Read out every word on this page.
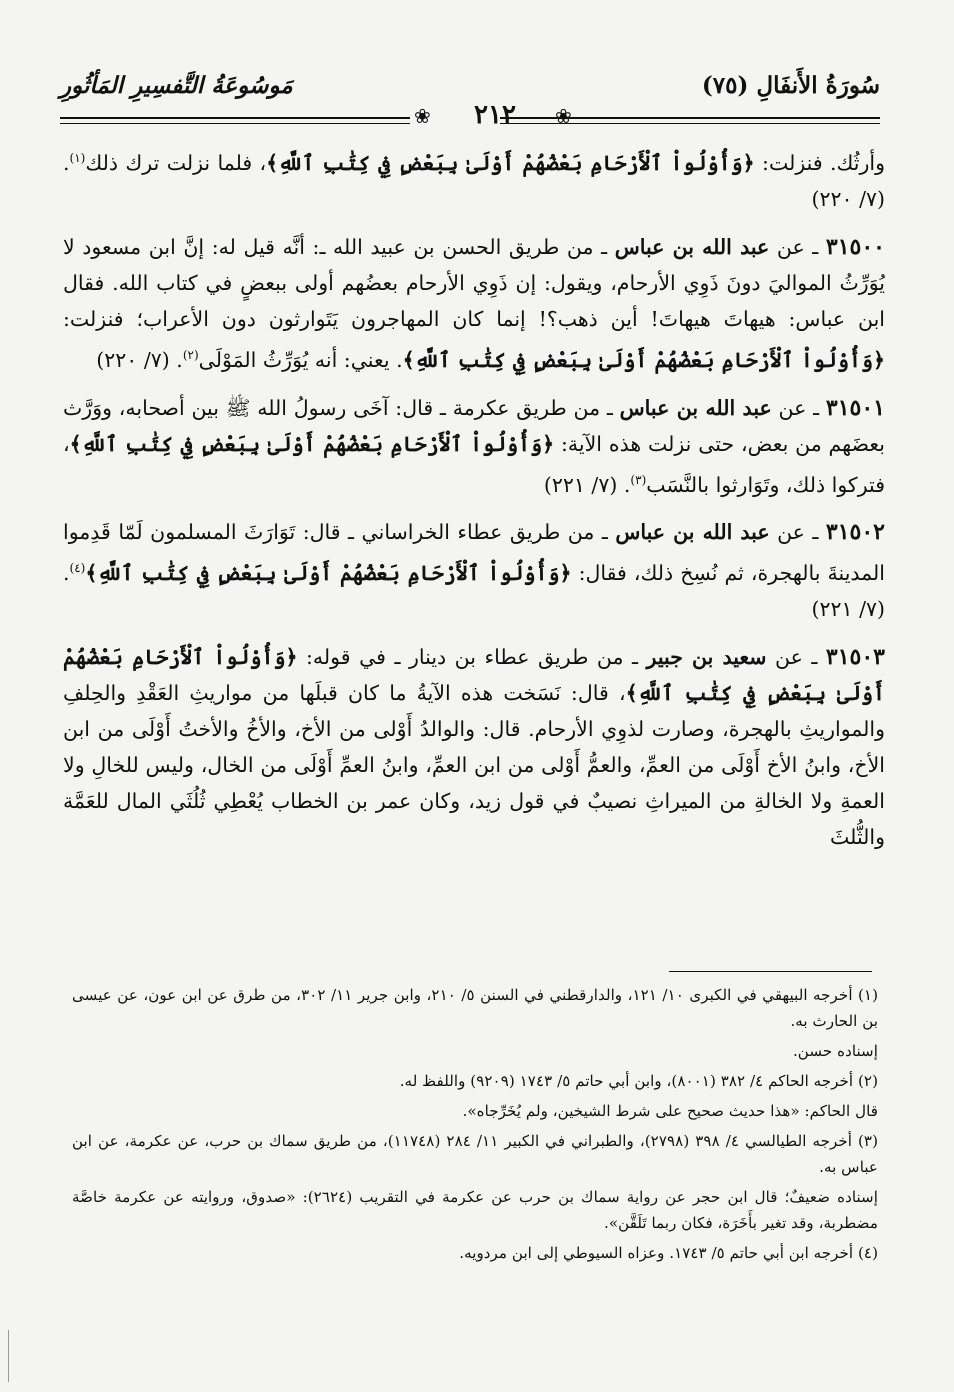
سُورَةُ الأَنفَالِ (٧٥)
مَوسُوعَةُ التَّفسِيرِ المَأثُورِ
❀	٢١٢	❀

وأرثُك. فنزلت: ﴿وَأُوْلُواْ ٱلْأَرْحَامِ بَعْضُهُمْ أَوْلَىٰ بِبَعْضٍ فِي كِتَٰبِ ٱللَّهِ﴾، فلما نزلت ترك ذلك$^{(١)}$. (٧/ ٢٢٠)

٣١٥٠٠ ـ عن عبد الله بن عباس ـ من طريق الحسن بن عبيد الله ـ: أنَّه قيل له: إنَّ ابن مسعود لا يُوَرِّثُ المواليَ دونَ ذَوِي الأرحام، ويقول: إن ذَوِي الأرحام بعضُهم أولى ببعضٍ في كتاب الله. فقال ابن عباس: هيهاتَ هيهاتَ! أين ذهب؟! إنما كان المهاجرون يَتَوارثون دون الأعراب؛ فنزلت: ﴿وَأُوْلُواْ ٱلْأَرْحَامِ بَعْضُهُمْ أَوْلَىٰ بِبَعْضٍ فِي كِتَٰبِ ٱللَّهِ﴾. يعني: أنه يُوَرِّثُ المَوْلَى$^{(٢)}$. (٧/ ٢٢٠)

٣١٥٠١ ـ عن عبد الله بن عباس ـ من طريق عكرمة ـ قال: آخَى رسولُ الله ﷺ بين أصحابه، ووَرَّث بعضَهم من بعض، حتى نزلت هذه الآية: ﴿وَأُوْلُواْ ٱلْأَرْحَامِ بَعْضُهُمْ أَوْلَىٰ بِبَعْضٍ فِي كِتَٰبِ ٱللَّهِ﴾، فتركوا ذلك، وتَوَارثوا بالنَّسَب$^{(٣)}$. (٧/ ٢٢١)

٣١٥٠٢ ـ عن عبد الله بن عباس ـ من طريق عطاء الخراساني ـ قال: تَوَارَثَ المسلمون لَمّا قَدِموا المدينةَ بالهجرة، ثم نُسِخ ذلك، فقال: ﴿وَأُوْلُواْ ٱلْأَرْحَامِ بَعْضُهُمْ أَوْلَىٰ بِبَعْضٍ فِي كِتَٰبِ ٱللَّهِ﴾$^{(٤)}$. (٧/ ٢٢١)

٣١٥٠٣ ـ عن سعيد بن جبير ـ من طريق عطاء بن دينار ـ في قوله: ﴿وَأُوْلُواْ ٱلْأَرْحَامِ بَعْضُهُمْ أَوْلَىٰ بِبَعْضٍ فِي كِتَٰبِ ٱللَّهِ﴾، قال: نَسَخت هذه الآيةُ ما كان قبلَها من مواريثِ العَقْدِ والحِلفِ والمواريثِ بالهجرة، وصارت لذوِي الأرحام. قال: والوالدُ أَوْلى من الأخ، والأخُ والأختُ أَوْلَى من ابن الأخ، وابنُ الأخ أَوْلَى من العمِّ، والعمُّ أَوْلى من ابن العمِّ، وابنُ العمِّ أَوْلَى من الخال، وليس للخالِ ولا العمةِ ولا الخالةِ من الميراثِ نصيبٌ في قول زيد، وكان عمر بن الخطاب يُعْطِي ثُلُثَي المال للعَمَّة والثُّلثَ

(١) أخرجه البيهقي في الكبرى ١٠/ ١٢١، والدارقطني في السنن ٥/ ٢١٠، وابن جرير ١١/ ٣٠٢، من طرق عن ابن عون، عن عيسى بن الحارث به.

إسناده حسن.

(٢) أخرجه الحاكم ٤/ ٣٨٢ (٨٠٠١)، وابن أبي حاتم ٥/ ١٧٤٣ (٩٢٠٩) واللفظ له.

قال الحاكم: «هذا حديث صحيح على شرط الشيخين، ولم يُخَرِّجاه».

(٣) أخرجه الطيالسي ٤/ ٣٩٨ (٢٧٩٨)، والطبراني في الكبير ١١/ ٢٨٤ (١١٧٤٨)، من طريق سماك بن حرب، عن عكرمة، عن ابن عباس به.

إسناده ضعيفٌ؛ قال ابن حجر عن رواية سماك بن حرب عن عكرمة في التقريب (٢٦٢٤): «صدوق، وروايته عن عكرمة خاصَّة مضطربة، وقد تغير بأَخَرَة، فكان ربما تَلَقَّن».

(٤) أخرجه ابن أبي حاتم ٥/ ١٧٤٣. وعزاه السيوطي إلى ابن مردويه.
